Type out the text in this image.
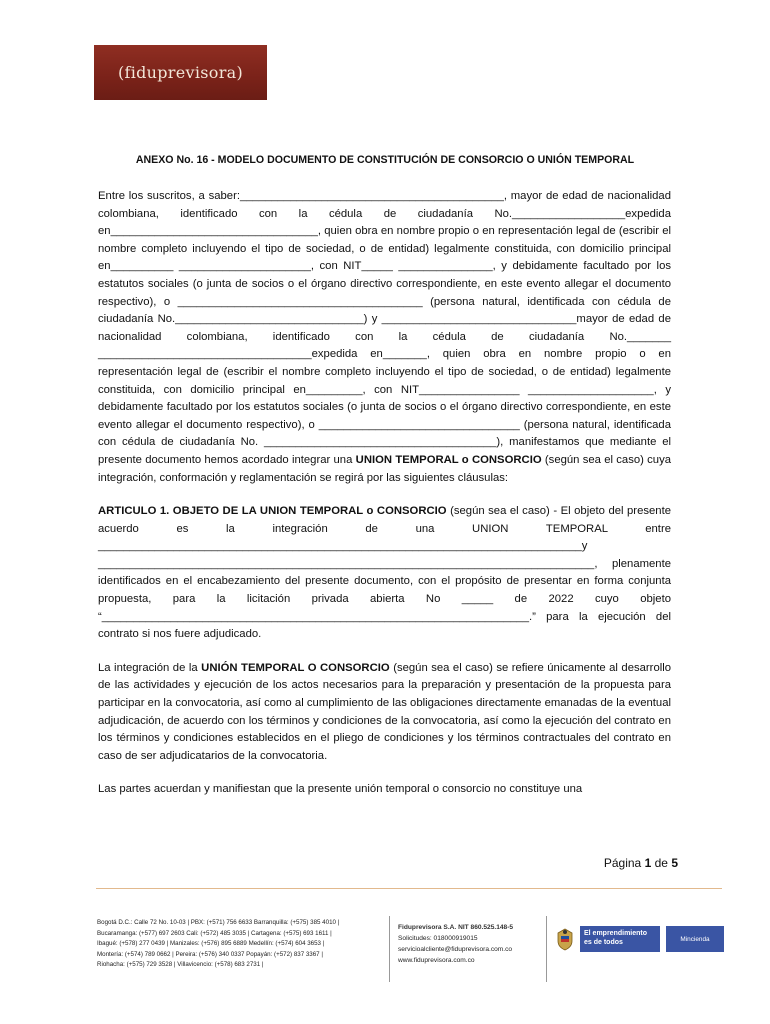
(fiduprevisora)
ANEXO No. 16 - MODELO DOCUMENTO DE CONSTITUCIÓN DE CONSORCIO O UNIÓN TEMPORAL

Entre los suscritos, a saber:__________________________________________, mayor de edad de nacionalidad colombiana, identificado con la cédula de ciudadanía No.__________________expedida en_________________________________, quien obra en nombre propio o en representación legal de (escribir el nombre completo incluyendo el tipo de sociedad, o de entidad) legalmente constituida, con domicilio principal en__________ _____________________, con NIT_____ _______________, y debidamente facultado por los estatutos sociales (o junta de socios o el órgano directivo correspondiente, en este evento allegar el documento respectivo), o _______________________________________ (persona natural, identificada con cédula de ciudadanía No.______________________________) y _______________________________mayor de edad de nacionalidad colombiana, identificado con la cédula de ciudadanía No._______ __________________________________expedida en_______, quien obra en nombre propio o en representación legal de (escribir el nombre completo incluyendo el tipo de sociedad, o de entidad) legalmente constituida, con domicilio principal en_________, con NIT________________ ____________________, y debidamente facultado por los estatutos sociales (o junta de socios o el órgano directivo correspondiente, en este evento allegar el documento respectivo), o ________________________________ (persona natural, identificada con cédula de ciudadanía No. _____________________________________), manifestamos que mediante el presente documento hemos acordado integrar una UNION TEMPORAL o CONSORCIO (según sea el caso) cuya integración, conformación y reglamentación se regirá por las siguientes cláusulas:

ARTICULO 1. OBJETO DE LA UNION TEMPORAL o CONSORCIO (según sea el caso) - El objeto del presente acuerdo es la integración de una UNION TEMPORAL entre _____________________________________________________________________________y _______________________________________________________________________________, plenamente identificados en el encabezamiento del presente documento, con el propósito de presentar en forma conjunta propuesta, para la licitación privada abierta No _____ de 2022 cuyo objeto “____________________________________________________________________.” para la ejecución del contrato si nos fuere adjudicado.

La integración de la UNIÓN TEMPORAL O CONSORCIO (según sea el caso) se refiere únicamente al desarrollo de las actividades y ejecución de los actos necesarios para la preparación y presentación de la propuesta para participar en la convocatoria, así como al cumplimiento de las obligaciones directamente emanadas de la eventual adjudicación, de acuerdo con los términos y condiciones de la convocatoria, así como la ejecución del contrato en los términos y condiciones establecidos en el pliego de condiciones y los términos contractuales del contrato en caso de ser adjudicatarios de la convocatoria.

Las partes acuerdan y manifiestan que la presente unión temporal o consorcio no constituye una

Página 1 de 5
Bogotá D.C.: Calle 72 No. 10-03 | PBX: (+571) 756 6633 Barranquilla: (+575) 385 4010 |
Bucaramanga: (+577) 697 2603 Cali: (+572) 485 3035 | Cartagena: (+575) 693 1611 |
Ibagué: (+578) 277 0439 | Manizales: (+576) 895 6889 Medellín: (+574) 604 3653 |
Montería: (+574) 789 0662 | Pereira: (+576) 340 0337 Popayán: (+572) 837 3367 |
Riohacha: (+575) 729 3528 | Villavicencio: (+578) 683 2731 |
Fiduprevisora S.A. NIT 860.525.148-5
Solicitudes: 018000919015
servicioalcliente@fiduprevisora.com.co
www.fiduprevisora.com.co
El emprendimiento es de todos	Mincienda
